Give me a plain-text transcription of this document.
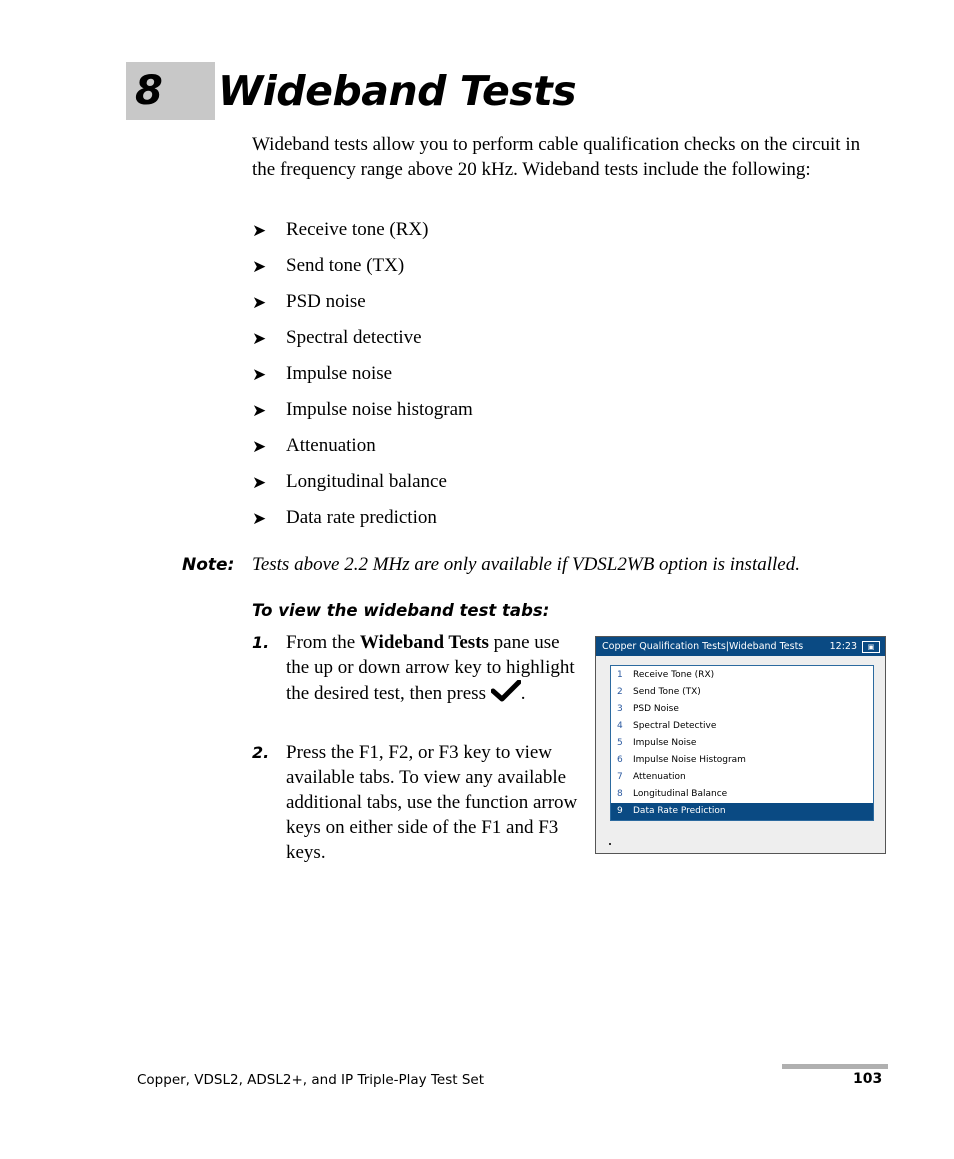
8 Wideband Tests
Wideband tests allow you to perform cable qualification checks on the circuit in the frequency range above 20 kHz. Wideband tests include the following:
➤	Receive tone (RX)
➤	Send tone (TX)
➤	PSD noise
➤	Spectral detective
➤	Impulse noise
➤	Impulse noise histogram
➤	Attenuation
➤	Longitudinal balance
➤	Data rate prediction
Note: Tests above 2.2 MHz are only available if VDSL2WB option is installed.
To view the wideband test tabs:
1. From the Wideband Tests pane use the up or down arrow key to highlight the desired test, then press .
2. Press the F1, F2, or F3 key to view available tabs. To view any available additional tabs, use the function arrow keys on either side of the F1 and F3 keys.
Copper Qualification Tests|Wideband Tests	12:23	▣
1	Receive Tone (RX)
2	Send Tone (TX)
3	PSD Noise
4	Spectral Detective
5	Impulse Noise
6	Impulse Noise Histogram
7	Attenuation
8	Longitudinal Balance
9	Data Rate Prediction
Copper, VDSL2, ADSL2+, and IP Triple-Play Test Set	103
